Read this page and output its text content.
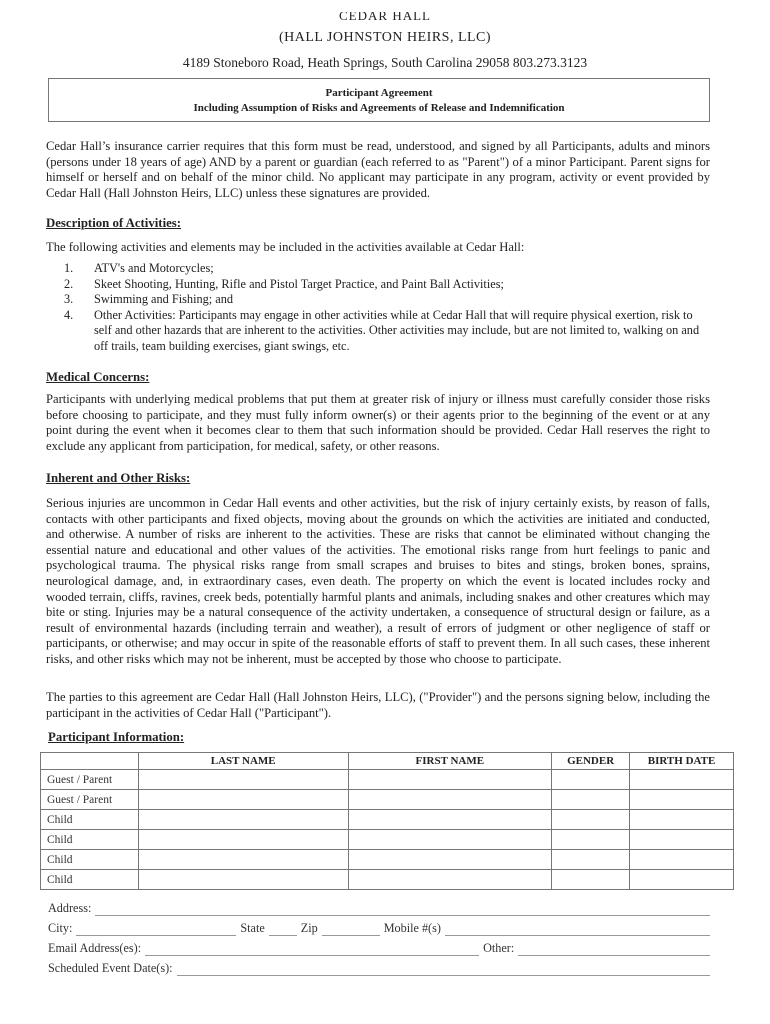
CEDAR HALL
(HALL JOHNSTON HEIRS, LLC)
4189 Stoneboro Road, Heath Springs, South Carolina 29058 803.273.3123
Participant Agreement
Including Assumption of Risks and Agreements of Release and Indemnification
Cedar Hall’s insurance carrier requires that this form must be read, understood, and signed by all Participants, adults and minors (persons under 18 years of age) AND by a parent or guardian (each referred to as "Parent") of a minor Participant. Parent signs for himself or herself and on behalf of the minor child. No applicant may participate in any program, activity or event provided by Cedar Hall (Hall Johnston Heirs, LLC) unless these signatures are provided.
Description of Activities:
The following activities and elements may be included in the activities available at Cedar Hall:
1. ATV's and Motorcycles;
2. Skeet Shooting, Hunting, Rifle and Pistol Target Practice, and Paint Ball Activities;
3. Swimming and Fishing; and
4. Other Activities: Participants may engage in other activities while at Cedar Hall that will require physical exertion, risk to self and other hazards that are inherent to the activities. Other activities may include, but are not limited to, walking on and off trails, team building exercises, giant swings, etc.
Medical Concerns:
Participants with underlying medical problems that put them at greater risk of injury or illness must carefully consider those risks before choosing to participate, and they must fully inform owner(s) or their agents prior to the beginning of the event or at any point during the event when it becomes clear to them that such information should be provided. Cedar Hall reserves the right to exclude any applicant from participation, for medical, safety, or other reasons.
Inherent and Other Risks:
Serious injuries are uncommon in Cedar Hall events and other activities, but the risk of injury certainly exists, by reason of falls, contacts with other participants and fixed objects, moving about the grounds on which the activities are initiated and conducted, and otherwise. A number of risks are inherent to the activities. These are risks that cannot be eliminated without changing the essential nature and educational and other values of the activities. The emotional risks range from hurt feelings to panic and psychological trauma. The physical risks range from small scrapes and bruises to bites and stings, broken bones, sprains, neurological damage, and, in extraordinary cases, even death. The property on which the event is located includes rocky and wooded terrain, cliffs, ravines, creek beds, potentially harmful plants and animals, including snakes and other creatures which may bite or sting. Injuries may be a natural consequence of the activity undertaken, a consequence of structural design or failure, as a result of environmental hazards (including terrain and weather), a result of errors of judgment or other negligence of staff or participants, or otherwise; and may occur in spite of the reasonable efforts of staff to prevent them. In all such cases, these inherent risks, and other risks which may not be inherent, must be accepted by those who choose to participate.
The parties to this agreement are Cedar Hall (Hall Johnston Heirs, LLC), ("Provider") and the persons signing below, including the participant in the activities of Cedar Hall ("Participant").
Participant Information:
	LAST NAME	FIRST NAME	GENDER	BIRTH DATE
Guest / Parent				
Guest / Parent				
Child				
Child				
Child				
Child				
Address:
City:	State	Zip	Mobile #(s)
Email Address(es):	Other:
Scheduled Event Date(s):
